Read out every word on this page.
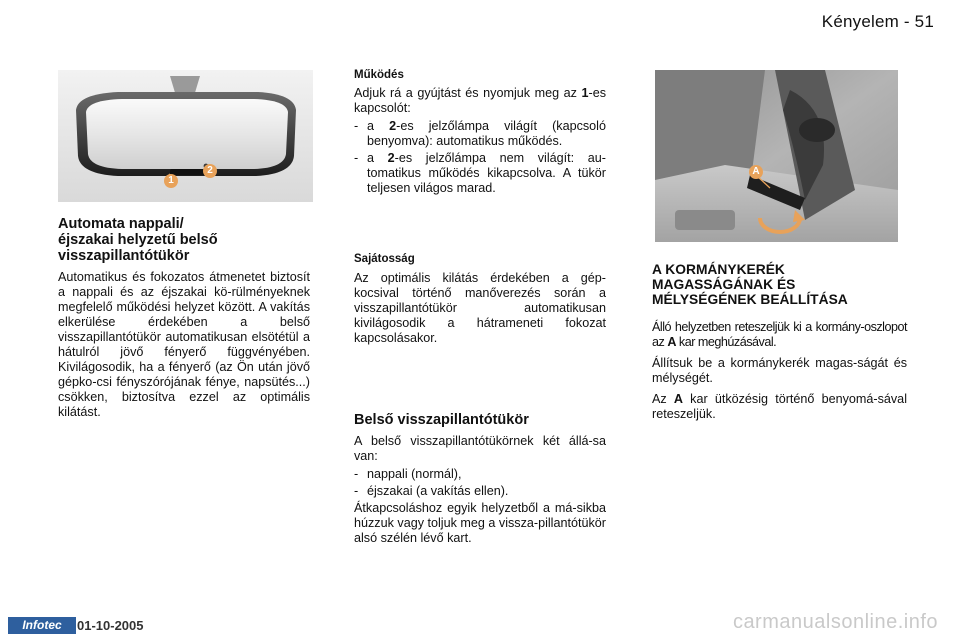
Kényelem - 51
1
2
Automata nappali/
éjszakai helyzetű belső
visszapillantótükör

Automatikus és fokozatos átmenetet biztosít a nappali és az éjszakai kö-rülményeknek megfelelő működési helyzet között. A vakítás elkerülése érdekében a belső visszapillantótükör automatikusan elsötétül a hátulról jövő fényerő függvényében. Kivilágosodik, ha a fényerő (az Ön után jövő gépko-csi fényszórójának fénye, napsütés...) csökken, biztosítva ezzel az optimális kilátást.

Működés

Adjuk rá a gyújtást és nyomjuk meg az 1-es kapcsolót:

- a 2-es jelzőlámpa világít (kapcsoló benyomva): automatikus működés.
- a 2-es jelzőlámpa nem világít: au-tomatikus működés kikapcsolva. A tükör teljesen világos marad.
Sajátosság

Az optimális kilátás érdekében a gép-kocsival történő manőverezés során a visszapillantótükör automatikusan kivilágosodik a hátrameneti fokozat kapcsolásakor.

Belső visszapillantótükör

A belső visszapillantótükörnek két állá-sa van:

- nappali (normál),
- éjszakai (a vakítás ellen).

Átkapcsoláshoz egyik helyzetből a má-sikba húzzuk vagy toljuk meg a vissza-pillantótükör alsó szélén lévő kart.

A
A KORMÁNYKERÉK
MAGASSÁGÁNAK ÉS
MÉLYSÉGÉNEK BEÁLLÍTÁSA

Álló helyzetben reteszeljük ki a kormány-oszlopot az A kar meghúzásával.

Állítsuk be a kormánykerék magas-ságát és mélységét.

Az A kar ütközésig történő benyomá-sával reteszeljük.

Infotec	01-10-2005	carmanualsonline.info
